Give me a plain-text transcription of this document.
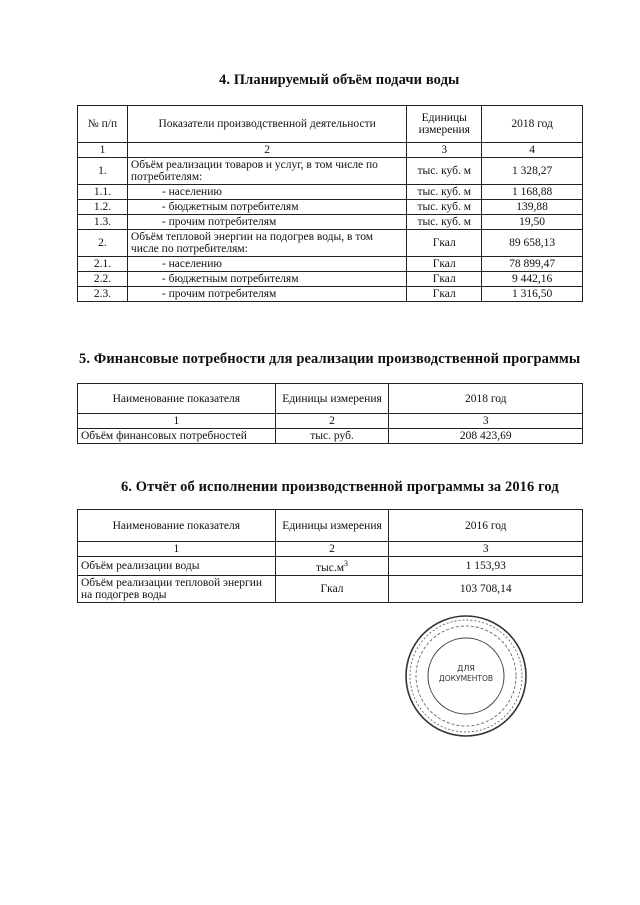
4. Планируемый объём подачи воды
№ п/п	Показатели производственной деятельности	Единицы измерения	2018 год
1	2	3	4
1.	Объём реализации товаров и услуг, в том числе по потребителям:	тыс. куб. м	1 328,27
1.1.	- населению	тыс. куб. м	1 168,88
1.2.	- бюджетным потребителям	тыс. куб. м	139,88
1.3.	- прочим потребителям	тыс. куб. м	19,50
2.	Объём тепловой энергии на подогрев воды, в том числе по потребителям:	Гкал	89 658,13
2.1.	- населению	Гкал	78 899,47
2.2.	- бюджетным потребителям	Гкал	9 442,16
2.3.	- прочим потребителям	Гкал	1 316,50
5. Финансовые потребности для реализации производственной программы
Наименование показателя	Единицы измерения	2018 год
1	2	3
Объём финансовых потребностей	тыс. руб.	208 423,69
6. Отчёт об исполнении производственной программы за 2016 год
Наименование показателя	Единицы измерения	2016 год
1	2	3
Объём реализации воды	$тыс.м^3$	1 153,93
Объём реализации тепловой энергии на подогрев воды	Гкал	103 708,14
ДЛЯ
ДОКУМЕНТОВ
